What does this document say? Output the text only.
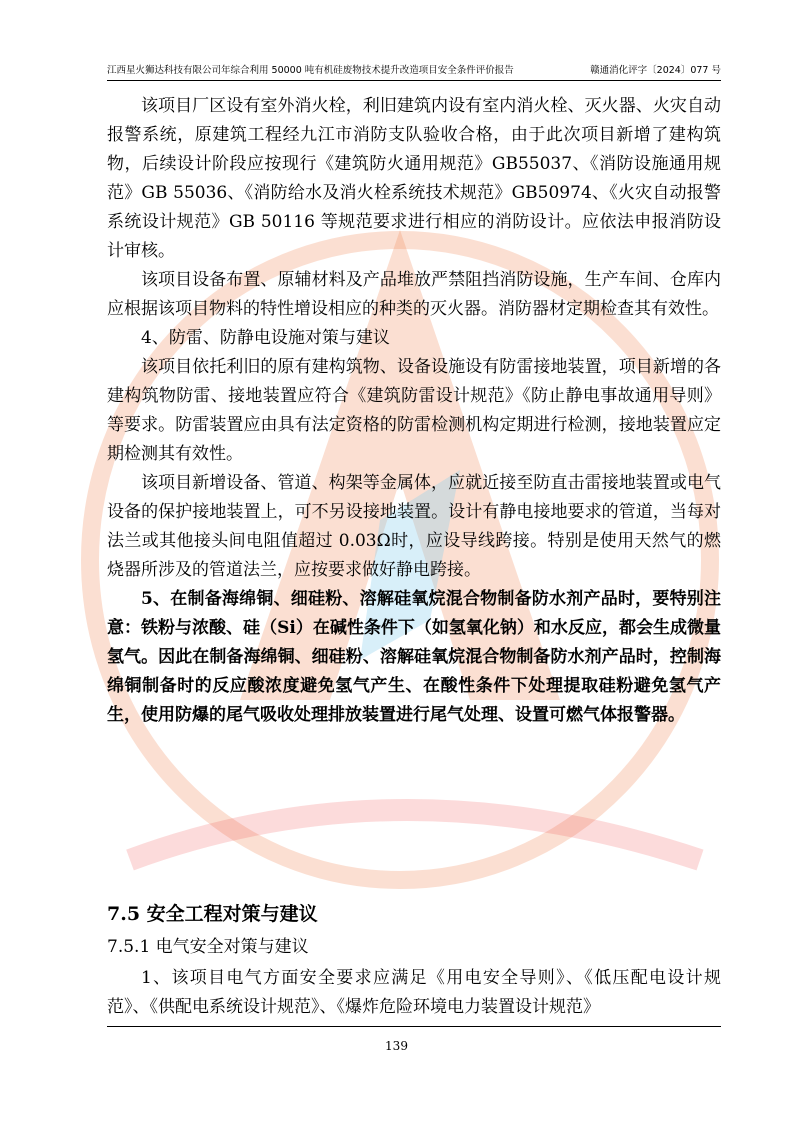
江西星火狮达科技有限公司年综合利用 50000 吨有机硅废物技术提升改造项目安全条件评价报告	赣通消化评字〔2024〕077 号

该项目厂区设有室外消火栓，利旧建筑内设有室内消火栓、灭火器、火灾自动报警系统，原建筑工程经九江市消防支队验收合格，由于此次项目新增了建构筑物，后续设计阶段应按现行《建筑防火通用规范》GB55037、《消防设施通用规范》GB 55036、《消防给水及消火栓系统技术规范》GB50974、《火灾自动报警系统设计规范》GB 50116 等规范要求进行相应的消防设计。应依法申报消防设计审核。

该项目设备布置、原辅材料及产品堆放严禁阻挡消防设施，生产车间、仓库内应根据该项目物料的特性增设相应的种类的灭火器。消防器材定期检查其有效性。

4、防雷、防静电设施对策与建议

该项目依托利旧的原有建构筑物、设备设施设有防雷接地装置，项目新增的各建构筑物防雷、接地装置应符合《建筑防雷设计规范》《防止静电事故通用导则》等要求。防雷装置应由具有法定资格的防雷检测机构定期进行检测，接地装置应定期检测其有效性。

该项目新增设备、管道、构架等金属体，应就近接至防直击雷接地装置或电气设备的保护接地装置上，可不另设接地装置。设计有静电接地要求的管道，当每对法兰或其他接头间电阻值超过 0.03Ω时，应设导线跨接。特别是使用天然气的燃烧器所涉及的管道法兰，应按要求做好静电跨接。

5、在制备海绵铜、细硅粉、溶解硅氧烷混合物制备防水剂产品时，要特别注意：铁粉与浓酸、硅（Si）在碱性条件下（如氢氧化钠）和水反应，都会生成微量氢气。因此在制备海绵铜、细硅粉、溶解硅氧烷混合物制备防水剂产品时，控制海绵铜制备时的反应酸浓度避免氢气产生、在酸性条件下处理提取硅粉避免氢气产生，使用防爆的尾气吸收处理排放装置进行尾气处理、设置可燃气体报警器。

7.5 安全工程对策与建议
7.5.1 电气安全对策与建议

1、该项目电气方面安全要求应满足《用电安全导则》、《低压配电设计规范》、《供配电系统设计规范》、《爆炸危险环境电力装置设计规范》

139
